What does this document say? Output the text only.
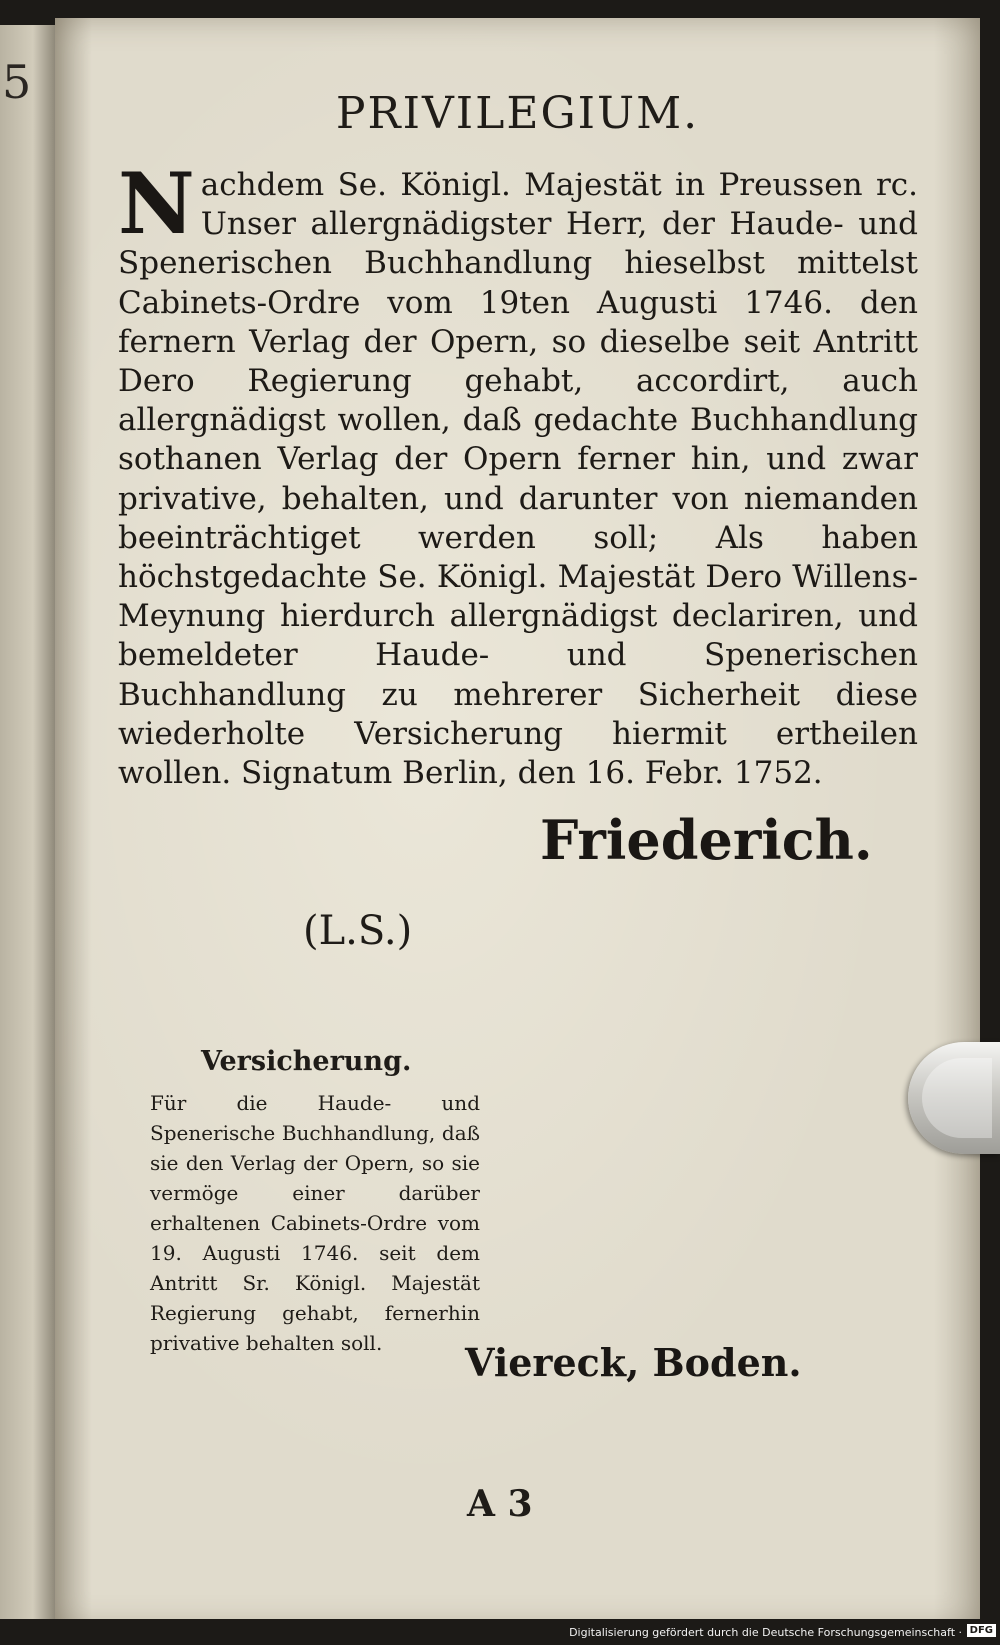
5
PRIVILEGIUM.
Nachdem Se. Königl. Majestät in Preussen rc. Unser allergnädigster Herr, der Haude- und Spenerischen Buchhandlung hieselbst mittelst Cabinets-Ordre vom 19ten Augusti 1746. den fernern Verlag der Opern, so dieselbe seit Antritt Dero Regierung gehabt, accordirt, auch allergnädigst wollen, daß gedachte Buchhandlung sothanen Verlag der Opern ferner hin, und zwar privative, behalten, und darunter von niemanden beeinträchtiget werden soll; Als haben höchstgedachte Se. Königl. Majestät Dero Willens-Meynung hierdurch allergnädigst declariren, und bemeldeter Haude- und Spenerischen Buchhandlung zu mehrerer Sicherheit diese wiederholte Versicherung hiermit ertheilen wollen. Signatum Berlin, den 16. Febr. 1752.
Friederich.
(L.S.)
Versicherung.
Für die Haude- und Spenerische Buchhandlung, daß sie den Verlag der Opern, so sie vermöge einer darüber erhaltenen Cabinets-Ordre vom 19. Augusti 1746. seit dem Antritt Sr. Königl. Majestät Regierung gehabt, fernerhin privative behalten soll.	Viereck, Boden.
A 3
Digitalisierung gefördert durch die Deutsche Forschungsgemeinschaft · DFG
